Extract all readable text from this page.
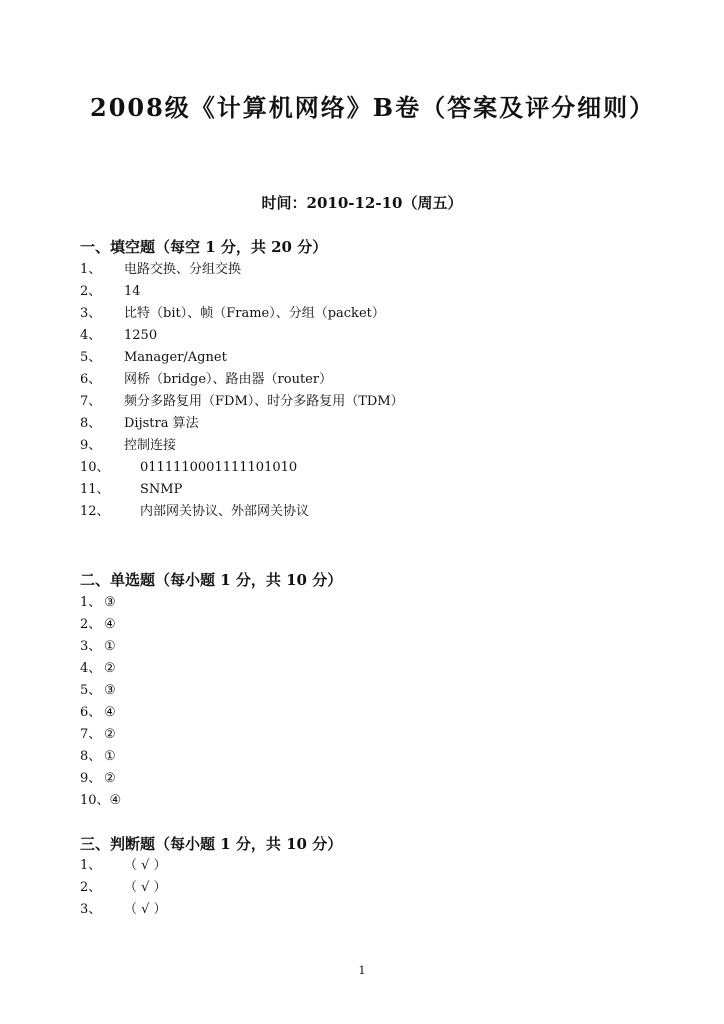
2008级《计算机网络》B卷（答案及评分细则）
时间：2010-12-10（周五）
一、填空题（每空 1 分，共 20 分）
1、 电路交换、分组交换
2、 14
3、 比特（bit）、帧（Frame）、分组（packet）
4、 1250
5、 Manager/Agnet
6、 网桥（bridge）、路由器（router）
7、 频分多路复用（FDM）、时分多路复用（TDM）
8、 Dijstra 算法
9、 控制连接
10、 0111110001111101010
11、 SNMP
12、 内部网关协议、外部网关协议
二、单选题（每小题 1 分，共 10 分）
1、 ③
2、 ④
3、 ①
4、 ②
5、 ③
6、 ④
7、 ②
8、 ①
9、 ②
10、④
三、判断题（每小题 1 分，共 10 分）
1、 （ √ ）
2、 （ √ ）
3、 （ √ ）
1
